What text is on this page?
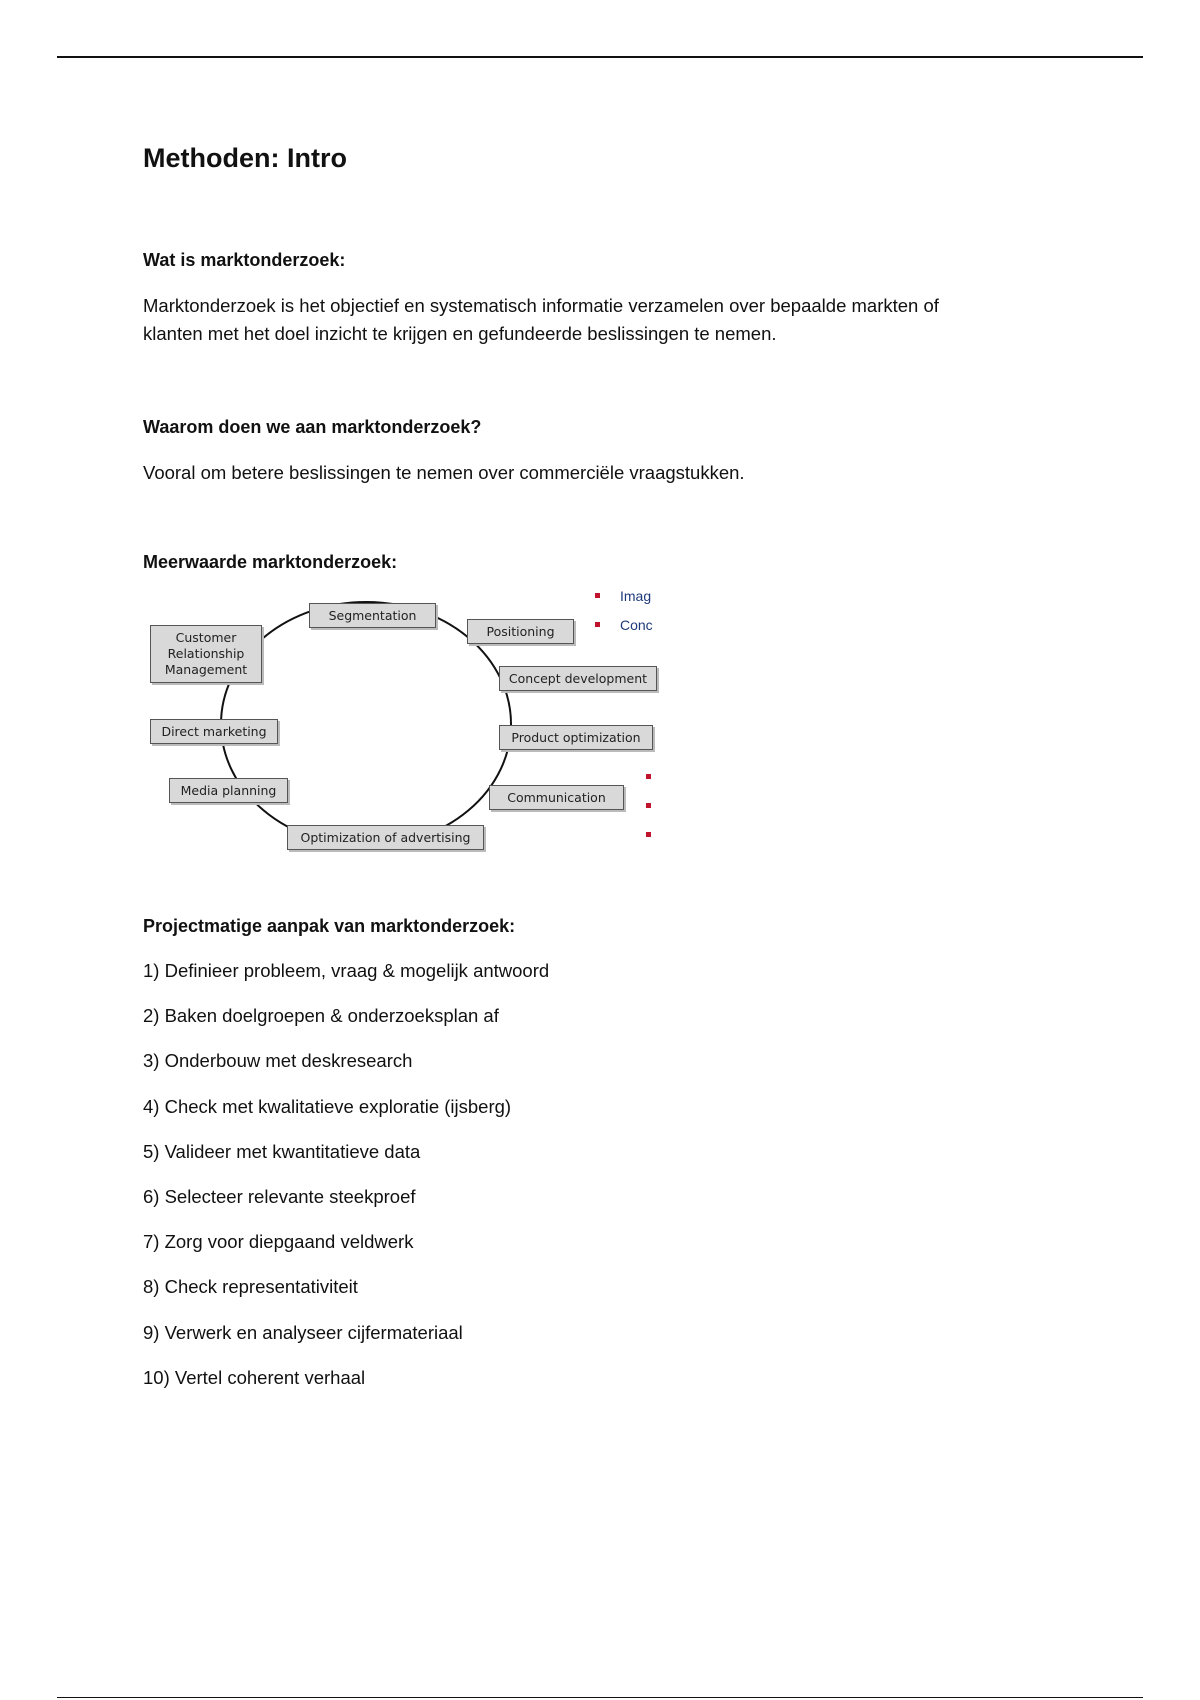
Methoden: Intro
Wat is marktonderzoek:

Marktonderzoek is het objectief en systematisch informatie verzamelen over bepaalde markten of
klanten met het doel inzicht te krijgen en gefundeerde beslissingen te nemen.

Waarom doen we aan marktonderzoek?

Vooral om betere beslissingen te nemen over commerciële vraagstukken.

Meerwaarde marktonderzoek:
Projectmatige aanpak van marktonderzoek:
1) Definieer probleem, vraag & mogelijk antwoord
2) Baken doelgroepen & onderzoeksplan af
3) Onderbouw met deskresearch
4) Check met kwalitatieve exploratie (ijsberg)
5) Valideer met kwantitatieve data
6) Selecteer relevante steekproef
7) Zorg voor diepgaand veldwerk
8) Check representativiteit
9) Verwerk en analyseer cijfermateriaal
10) Vertel coherent verhaal
Customer
Relationship
Management
Segmentation
Positioning
Concept development
Product optimization
Communication
Optimization of advertising
Media planning
Direct marketing
Imag
Conc
